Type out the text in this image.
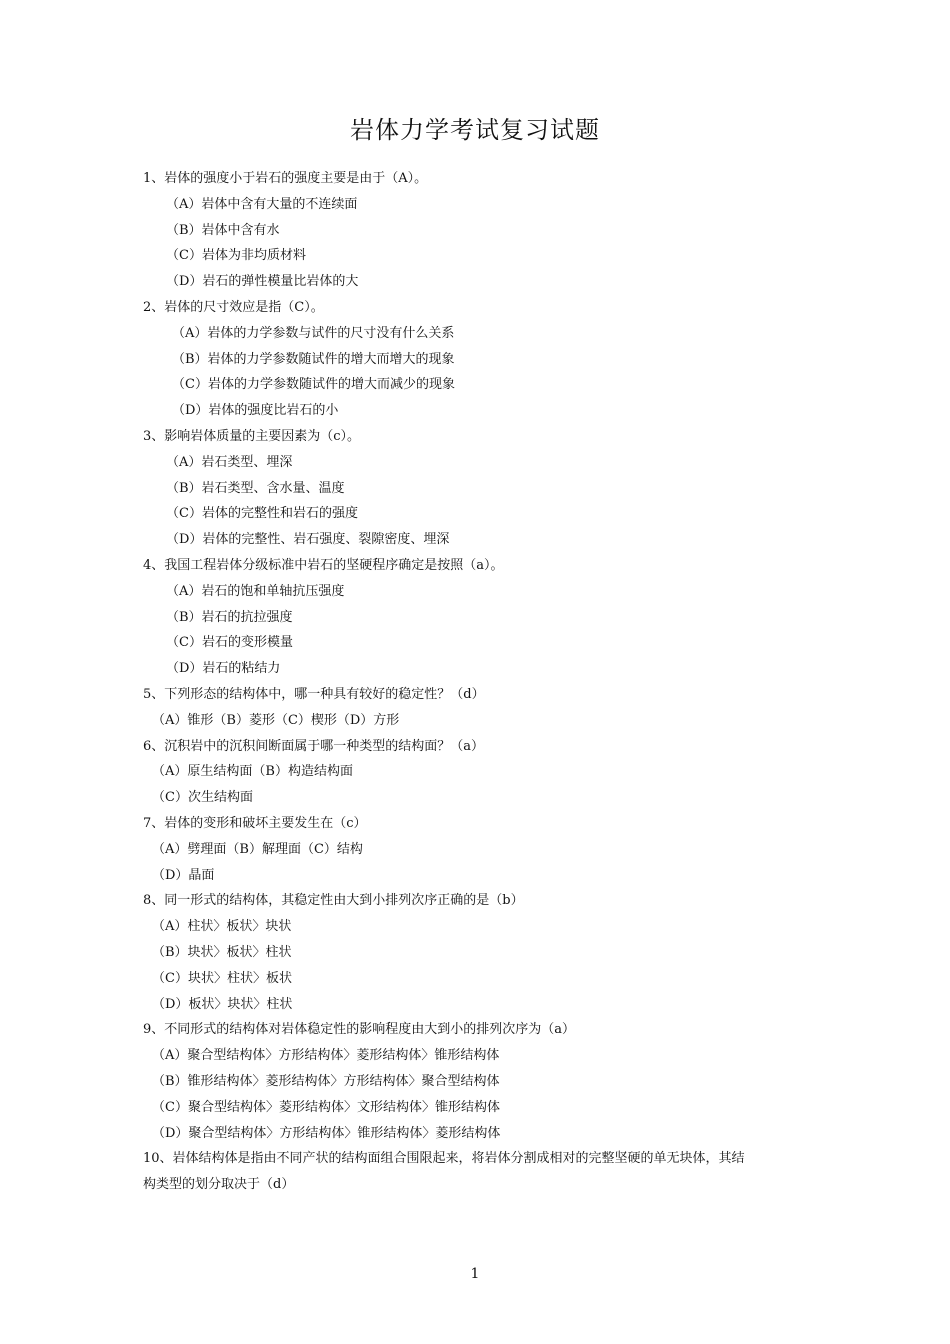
岩体力学考试复习试题
1、岩体的强度小于岩石的强度主要是由于（A）。
（A）岩体中含有大量的不连续面
（B）岩体中含有水
（C）岩体为非均质材料
（D）岩石的弹性模量比岩体的大
2、岩体的尺寸效应是指（C）。
（A）岩体的力学参数与试件的尺寸没有什么关系
（B）岩体的力学参数随试件的增大而增大的现象
（C）岩体的力学参数随试件的增大而减少的现象
（D）岩体的强度比岩石的小
3、影响岩体质量的主要因素为（c）。
（A）岩石类型、埋深
（B）岩石类型、含水量、温度
（C）岩体的完整性和岩石的强度
（D）岩体的完整性、岩石强度、裂隙密度、埋深
4、我国工程岩体分级标准中岩石的坚硬程序确定是按照（a）。
（A）岩石的饱和单轴抗压强度
（B）岩石的抗拉强度
（C）岩石的变形模量
（D）岩石的粘结力
5、下列形态的结构体中，哪一种具有较好的稳定性？（d）
（A）锥形（B）菱形（C）楔形（D）方形
6、沉积岩中的沉积间断面属于哪一种类型的结构面？（a）
（A）原生结构面（B）构造结构面
（C）次生结构面
7、岩体的变形和破坏主要发生在（c）
（A）劈理面（B）解理面（C）结构
（D）晶面
8、同一形式的结构体，其稳定性由大到小排列次序正确的是（b）
（A）柱状〉板状〉块状
（B）块状〉板状〉柱状
（C）块状〉柱状〉板状
（D）板状〉块状〉柱状
9、不同形式的结构体对岩体稳定性的影响程度由大到小的排列次序为（a）
（A）聚合型结构体〉方形结构体〉菱形结构体〉锥形结构体
（B）锥形结构体〉菱形结构体〉方形结构体〉聚合型结构体
（C）聚合型结构体〉菱形结构体〉文形结构体〉锥形结构体
（D）聚合型结构体〉方形结构体〉锥形结构体〉菱形结构体
10、岩体结构体是指由不同产状的结构面组合围限起来，将岩体分割成相对的完整坚硬的单无块体，其结
构类型的划分取决于（d）
1
